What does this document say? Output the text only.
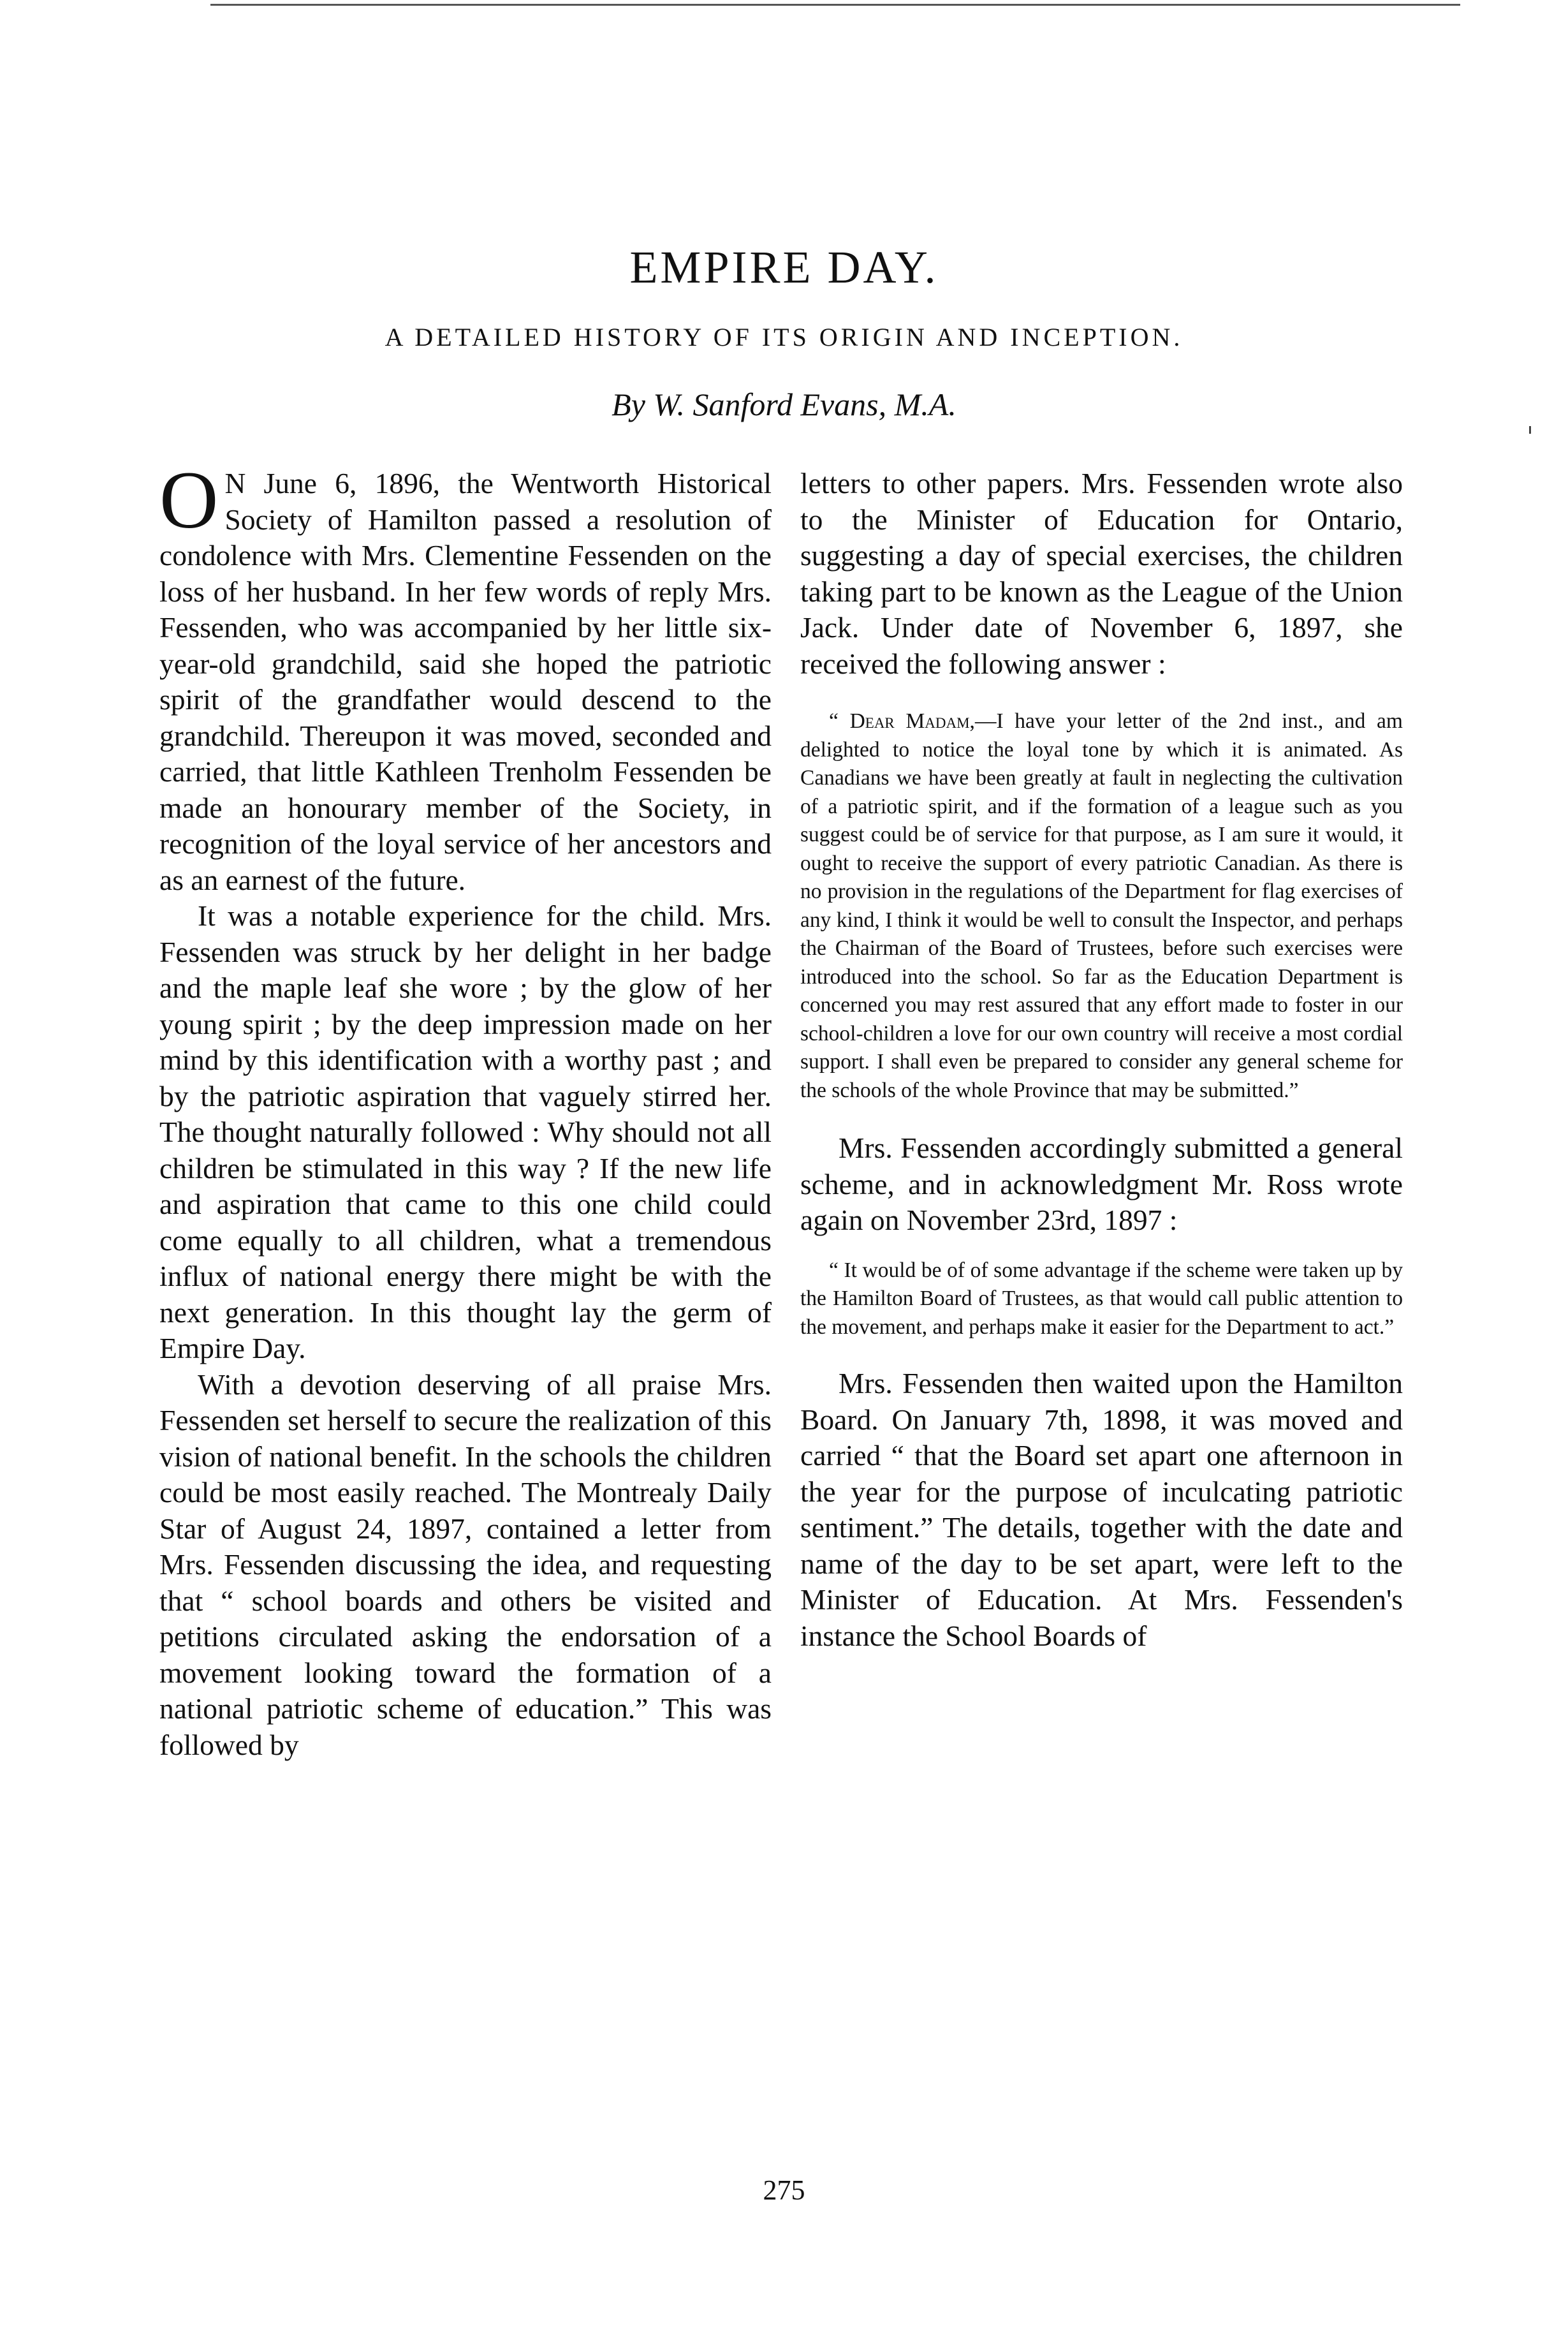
EMPIRE DAY.
A DETAILED HISTORY OF ITS ORIGIN AND INCEPTION.
By W. Sanford Evans, M.A.

O N June 6, 1896, the Wentworth Historical Society of Hamilton passed a resolution of condolence with Mrs. Clementine Fessenden on the loss of her husband. In her few words of reply Mrs. Fessenden, who was accompanied by her little six-year-old grandchild, said she hoped the patriotic spirit of the grandfather would descend to the grandchild. Thereupon it was moved, seconded and carried, that little Kathleen Trenholm Fessenden be made an honourary member of the Society, in recognition of the loyal service of her ancestors and as an earnest of the future.

It was a notable experience for the child. Mrs. Fessenden was struck by her delight in her badge and the maple leaf she wore ; by the glow of her young spirit ; by the deep impression made on her mind by this identification with a worthy past ; and by the patriotic aspiration that vaguely stirred her. The thought naturally followed : Why should not all children be stimulated in this way ? If the new life and aspiration that came to this one child could come equally to all children, what a tremendous influx of national energy there might be with the next generation. In this thought lay the germ of Empire Day.

With a devotion deserving of all praise Mrs. Fessenden set herself to secure the realization of this vision of national benefit. In the schools the children could be most easily reached. The Montrealy Daily Star of August 24, 1897, contained a letter from Mrs. Fessenden discussing the idea, and requesting that “ school boards and others be visited and petitions circulated asking the endorsation of a movement looking toward the formation of a national patriotic scheme of education.” This was followed by

letters to other papers. Mrs. Fessenden wrote also to the Minister of Education for Ontario, suggesting a day of special exercises, the children taking part to be known as the League of the Union Jack. Under date of November 6, 1897, she received the following answer :

“ Dear Madam,—I have your letter of the 2nd inst., and am delighted to notice the loyal tone by which it is animated. As Canadians we have been greatly at fault in neglecting the cultivation of a patriotic spirit, and if the formation of a league such as you suggest could be of service for that purpose, as I am sure it would, it ought to receive the support of every patriotic Canadian. As there is no provision in the regulations of the Department for flag exercises of any kind, I think it would be well to consult the Inspector, and perhaps the Chairman of the Board of Trustees, before such exercises were introduced into the school. So far as the Education Department is concerned you may rest assured that any effort made to foster in our school-children a love for our own country will receive a most cordial support. I shall even be prepared to consider any general scheme for the schools of the whole Province that may be submitted.”

Mrs. Fessenden accordingly submitted a general scheme, and in acknowledgment Mr. Ross wrote again on November 23rd, 1897 :

“ It would be of of some advantage if the scheme were taken up by the Hamilton Board of Trustees, as that would call public attention to the movement, and perhaps make it easier for the Department to act.”

Mrs. Fessenden then waited upon the Hamilton Board. On January 7th, 1898, it was moved and carried “ that the Board set apart one afternoon in the year for the purpose of inculcating patriotic sentiment.” The details, together with the date and name of the day to be set apart, were left to the Minister of Education. At Mrs. Fessenden's instance the School Boards of

275
